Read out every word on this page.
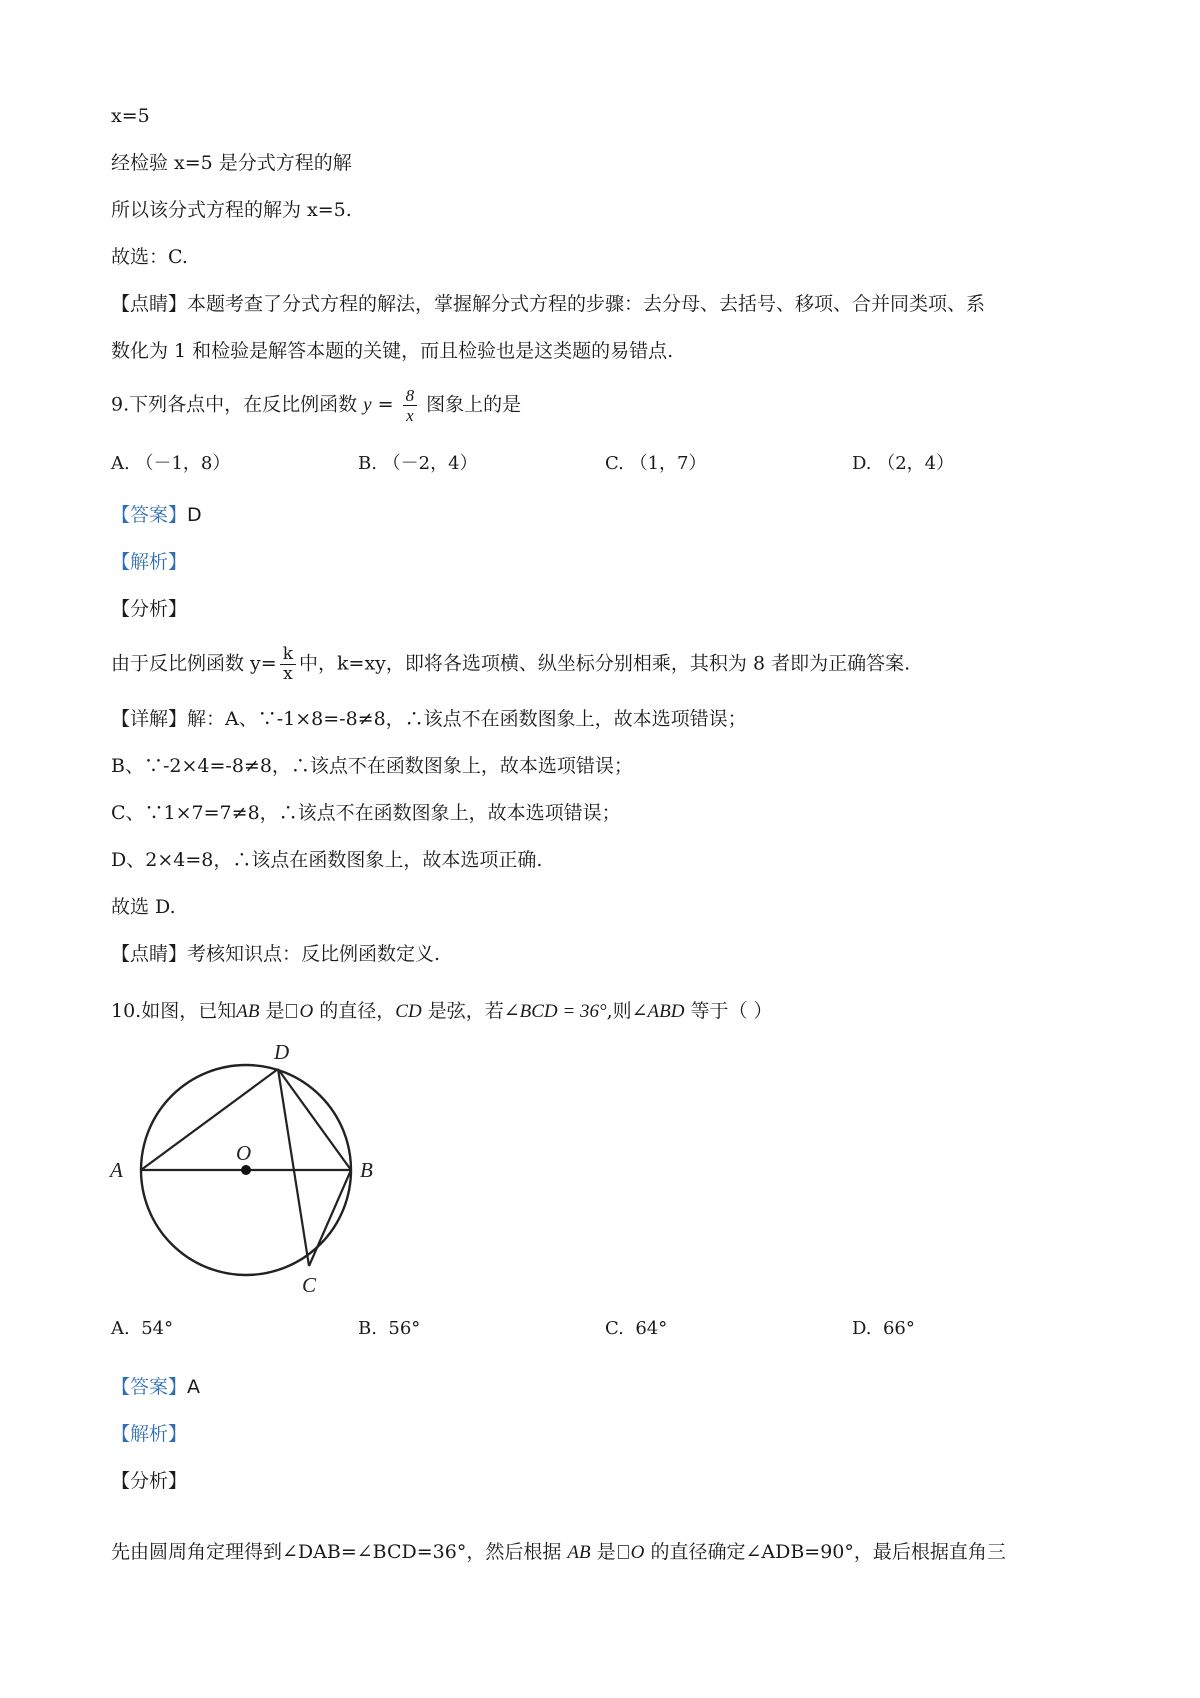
x=5
经检验 x=5 是分式方程的解
所以该分式方程的解为 x=5.
故选：C.
【点睛】本题考查了分式方程的解法，掌握解分式方程的步骤：去分母、去括号、移项、合并同类项、系
数化为 1 和检验是解答本题的关键，而且检验也是这类题的易错点.
9.下列各点中，在反比例函数 $y = \frac{8}{x}$ 图象上的是
A. （－1，8）	B. （－2，4）	C. （1，7）	D. （2，4）
【答案】D
【解析】
【分析】
由于反比例函数 $y= \frac{k}{x}$ 中，k=xy，即将各选项横、纵坐标分别相乘，其积为 8 者即为正确答案.
【详解】解：A、∵-1×8=-8≠8，∴该点不在函数图象上，故本选项错误；
B、∵-2×4=-8≠8，∴该点不在函数图象上，故本选项错误；
C、∵1×7=7≠8，∴该点不在函数图象上，故本选项错误；
D、2×4=8，∴该点在函数图象上，故本选项正确.
故选 D.
【点睛】考核知识点：反比例函数定义.
10.如图，已知AB 是 O 的直径，CD 是弦，若∠BCD = 36°,则∠ABD 等于（ ）
A	B
C
D
O
A. 54°	B. 56°	C. 64°	D. 66°
【答案】A
【解析】
【分析】
先由圆周角定理得到∠DAB=∠BCD=36°，然后根据 AB 是 O 的直径确定∠ADB=90°，最后根据直角三
